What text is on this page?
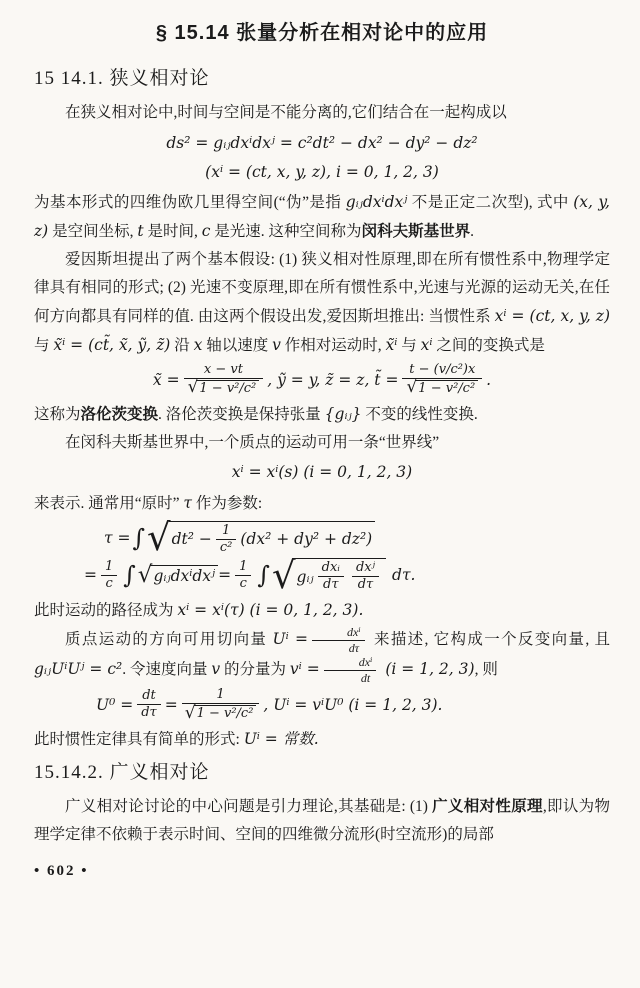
§ 15.14 张量分析在相对论中的应用
15 14.1. 狭义相对论

在狭义相对论中,时间与空间是不能分离的,它们结合在一起构成以

ds² = gᵢⱼdxⁱdxʲ = c²dt² − dx² − dy² − dz²
(xⁱ = (ct, x, y, z), i = 0, 1, 2, 3)

为基本形式的四维伪欧几里得空间(“伪”是指 gᵢⱼdxⁱdxʲ 不是正定二次型), 式中 (x, y, z) 是空间坐标, t 是时间, c 是光速. 这种空间称为闵科夫斯基世界.

爱因斯坦提出了两个基本假设: (1) 狭义相对性原理,即在所有惯性系中,物理学定律具有相同的形式; (2) 光速不变原理,即在所有惯性系中,光速与光源的运动无关,在任何方向都具有同样的值. 由这两个假设出发,爱因斯坦推出: 当惯性系 xⁱ = (ct, x, y, z) 与 x̃ⁱ = (ct̃, x̃, ỹ, z̃) 沿 x 轴以速度 v 作相对运动时, x̃ⁱ 与 xⁱ 之间的变换式是

x̃ = $\frac{x - vt}{\text{√1 − v²/c²}}$ , ỹ = y, z̃ = z, t̃ = $\frac{\text{t − (v/c²)x}}{\text{√1 − v²/c²}}$ .

这称为洛伦茨变换. 洛伦茨变换是保持张量 {gᵢⱼ} 不变的线性变换.

在闵科夫斯基世界中,一个质点的运动可用一条“世界线”

xⁱ = xⁱ(s) (i = 0, 1, 2, 3)

来表示. 通常用“原时” τ 作为参数:

τ = ∫ √ $dt^2 - \frac{1}{\text{c²}} (dx^2 + dy^2 + dz^2)$
= $\frac{1}{c}$ ∫ √ gᵢⱼdxⁱdxʲ = $\frac{1}{c}$ ∫ √ gᵢⱼ $\frac{\text{dxᵢ}}{d\tau} \frac{\text{dxʲ}}{d\tau} d\tau$.

此时运动的路径成为 xⁱ = xⁱ(τ) (i = 0, 1, 2, 3).

质点运动的方向可用切向量 $U^i = \frac{\text{dxⁱ}}{d\tau}$ 来描述, 它构成一个反变向量, 且 gᵢⱼUⁱUʲ = c². 令速度向量 v 的分量为 $v^i = \frac{\text{dxⁱ}}{dt} (i = 1$, 2, 3), 则

$U^0 = \frac{dt}{d\tau} = \frac{1}{\text{√ 1 − v²/c²}}$ , Uⁱ = vⁱU⁰ (i = 1, 2, 3).

此时惯性定律具有简单的形式: Uⁱ = 常数.

15.14.2. 广义相对论

广义相对论讨论的中心问题是引力理论,其基础是: (1) 广义相对性原理,即认为物理学定律不依赖于表示时间、空间的四维微分流形(时空流形)的局部

• 602 •
